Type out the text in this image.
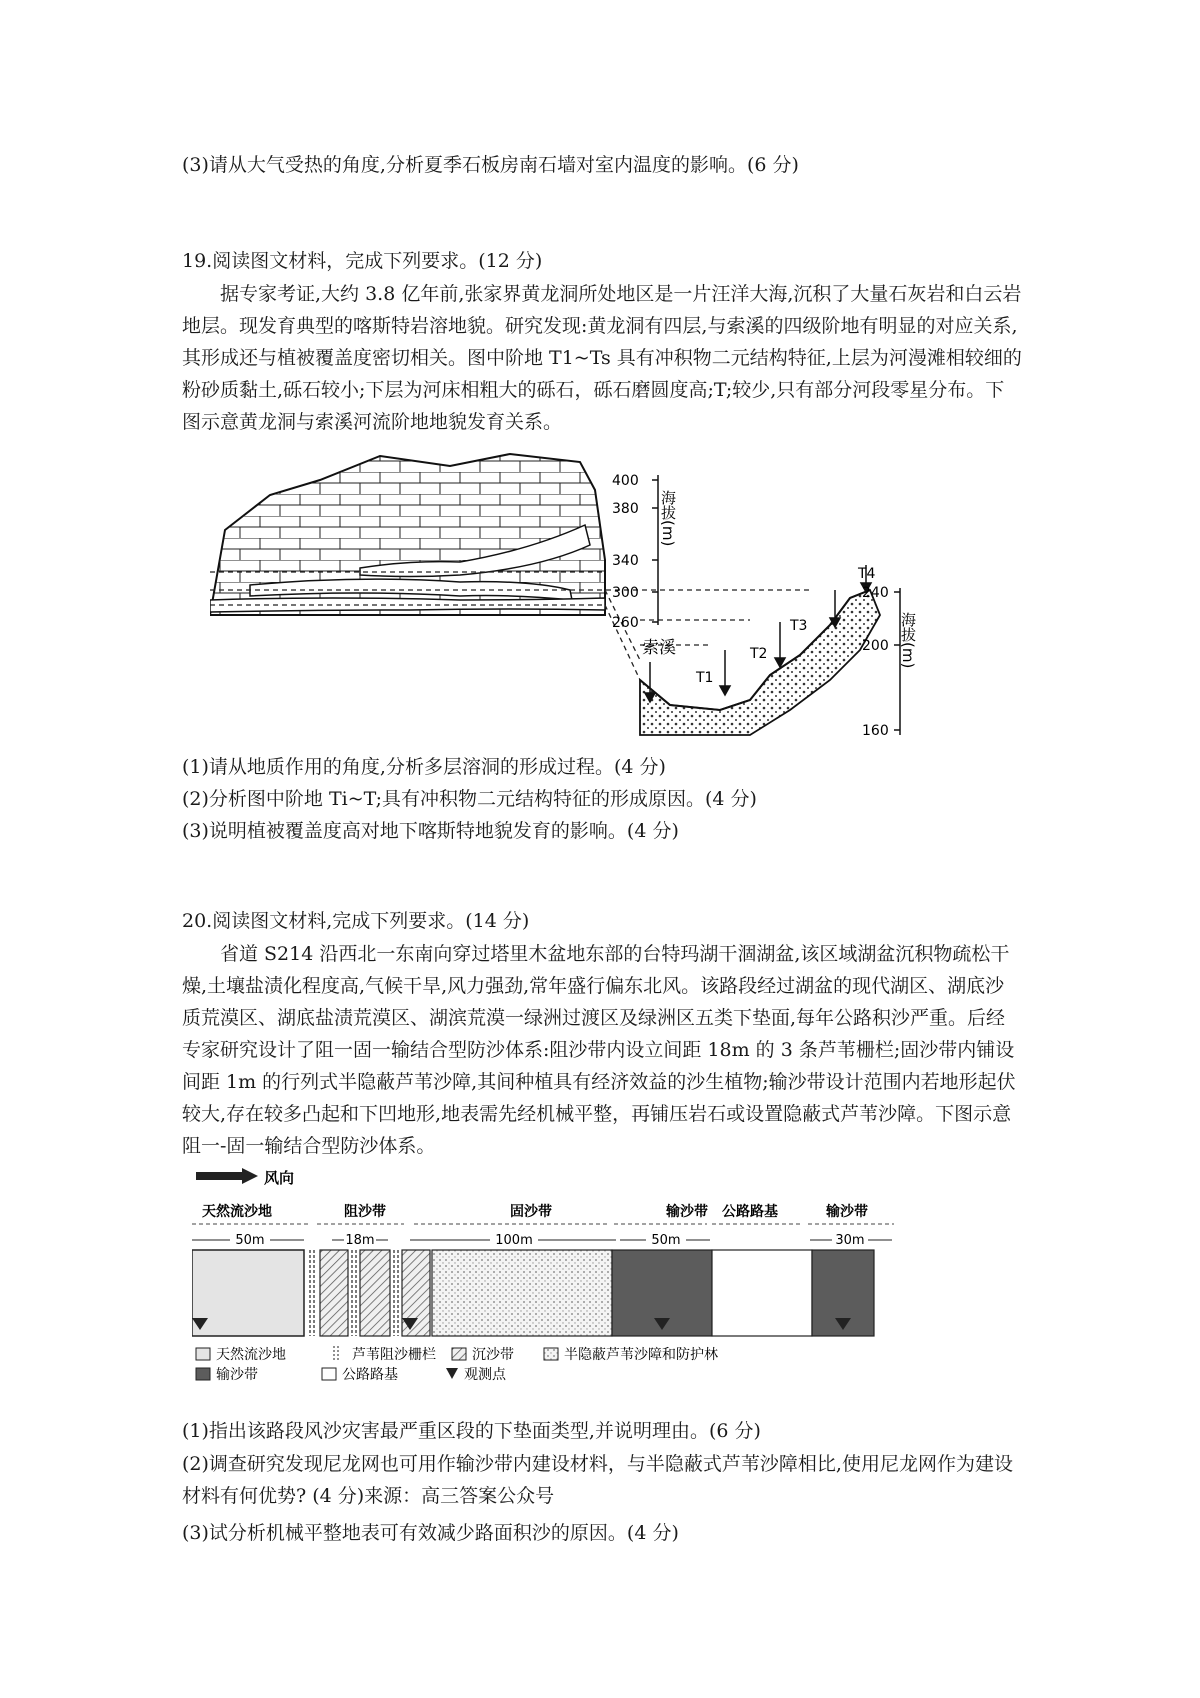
(3)请从大气受热的角度,分析夏季石板房南石墙对室内温度的影响。(6 分)

19.阅读图文材料，完成下列要求。(12 分)

据专家考证,大约 3.8 亿年前,张家界黄龙洞所处地区是一片汪洋大海,沉积了大量石灰岩和白云岩地层。现发育典型的喀斯特岩溶地貌。研究发现:黄龙洞有四层,与索溪的四级阶地有明显的对应关系,其形成还与植被覆盖度密切相关。图中阶地 T1~Ts 具有冲积物二元结构特征,上层为河漫滩相较细的粉砂质黏土,砾石较小;下层为河床相粗大的砾石，砾石磨圆度高;T;较少,只有部分河段零星分布。下图示意黄龙洞与索溪河流阶地地貌发育关系。

400
380
340
300
260
海拔(m)
索溪
T1
T2
T3
T4
240
200
160
海拔(m)

(1)请从地质作用的角度,分析多层溶洞的形成过程。(4 分)

(2)分析图中阶地 Ti~T;具有冲积物二元结构特征的形成原因。(4 分)

(3)说明植被覆盖度高对地下喀斯特地貌发育的影响。(4 分)

20.阅读图文材料,完成下列要求。(14 分)

省道 S214 沿西北一东南向穿过塔里木盆地东部的台特玛湖干涸湖盆,该区域湖盆沉积物疏松干燥,土壤盐渍化程度高,气候干旱,风力强劲,常年盛行偏东北风。该路段经过湖盆的现代湖区、湖底沙质荒漠区、湖底盐渍荒漠区、湖滨荒漠一绿洲过渡区及绿洲区五类下垫面,每年公路积沙严重。后经专家研究设计了阻一固一输结合型防沙体系:阻沙带内设立间距 18m 的 3 条芦苇栅栏;固沙带内铺设间距 1m 的行列式半隐蔽芦苇沙障,其间种植具有经济效益的沙生植物;输沙带设计范围内若地形起伏较大,存在较多凸起和下凹地形,地表需先经机械平整，再铺压岩石或设置隐蔽式芦苇沙障。下图示意阻一-固一输结合型防沙体系。

风向
天然流沙地	阻沙带	固沙带	输沙带 公路路基	输沙带
50m	18m	100m	50m	30m
天然流沙地	芦苇阻沙栅栏	沉沙带	半隐蔽芦苇沙障和防护林
输沙带	公路路基	观测点

(1)指出该路段风沙灾害最严重区段的下垫面类型,并说明理由。(6 分)

(2)调查研究发现尼龙网也可用作输沙带内建设材料，与半隐蔽式芦苇沙障相比,使用尼龙网作为建设材料有何优势? (4 分)来源：高三答案公众号

(3)试分析机械平整地表可有效减少路面积沙的原因。(4 分)
